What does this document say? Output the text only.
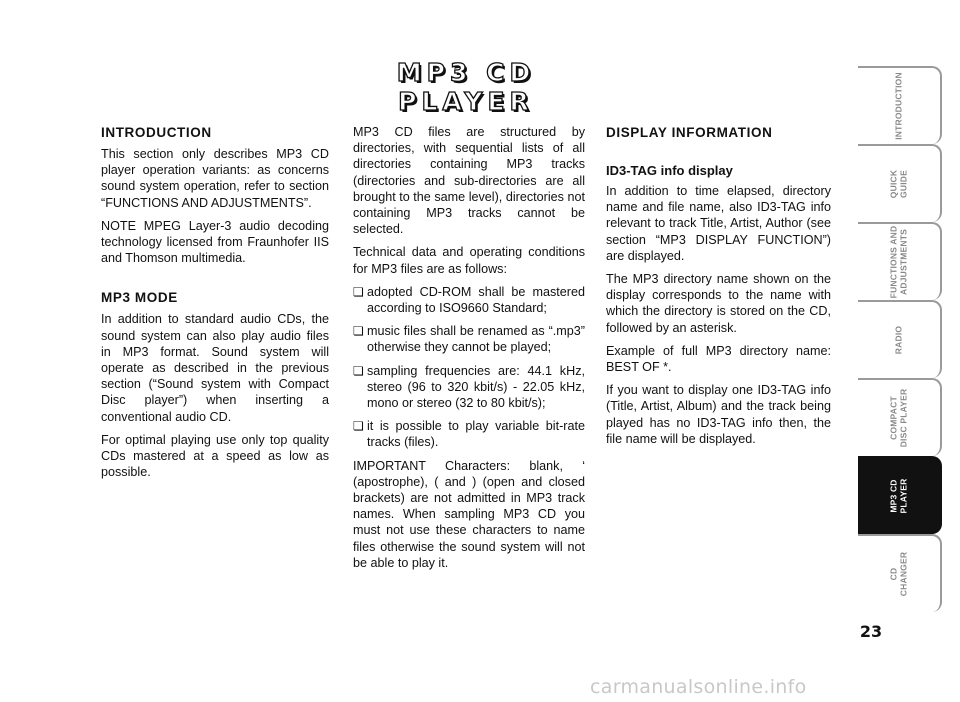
MP3 CD PLAYER
INTRODUCTION

This section only describes MP3 CD player operation variants: as concerns sound system operation, refer to section “FUNCTIONS AND ADJUSTMENTS”.

NOTE MPEG Layer-3 audio decoding technology licensed from Fraunhofer IIS and Thomson multimedia.

MP3 MODE

In addition to standard audio CDs, the sound system can also play audio files in MP3 format. Sound system will operate as described in the previous section (“Sound system with Compact Disc player”) when inserting a conventional audio CD.

For optimal playing use only top quality CDs mastered at a speed as low as possible.

MP3 CD files are structured by directories, with sequential lists of all directories containing MP3 tracks (directories and sub-directories are all brought to the same level), directories not containing MP3 tracks cannot be selected.

Technical data and operating conditions for MP3 files are as follows:

❏ adopted CD-ROM shall be mastered according to ISO9660 Standard;
❏ music files shall be renamed as “.mp3” otherwise they cannot be played;
❏ sampling frequencies are: 44.1 kHz, stereo (96 to 320 kbit/s) - 22.05 kHz, mono or stereo (32 to 80 kbit/s);
❏ it is possible to play variable bit-rate tracks (files).

IMPORTANT Characters: blank, ‘ (apostrophe), ( and ) (open and closed brackets) are not admitted in MP3 track names. When sampling MP3 CD you must not use these characters to name files otherwise the sound system will not be able to play it.

DISPLAY INFORMATION
ID3-TAG info display

In addition to time elapsed, directory name and file name, also ID3-TAG info relevant to track Title, Artist, Author (see section “MP3 DISPLAY FUNCTION”) are displayed.

The MP3 directory name shown on the display corresponds to the name with which the directory is stored on the CD, followed by an asterisk.

Example of full MP3 directory name: BEST OF *.

If you want to display one ID3-TAG info (Title, Artist, Album) and the track being played has no ID3-TAG info then, the file name will be displayed.

INTRODUCTION
QUICK
GUIDE
FUNCTIONS AND
ADJUSTMENTS
RADIO
COMPACT
DISC PLAYER
MP3 CD
PLAYER
CD
CHANGER
23
carmanualsonline.info
